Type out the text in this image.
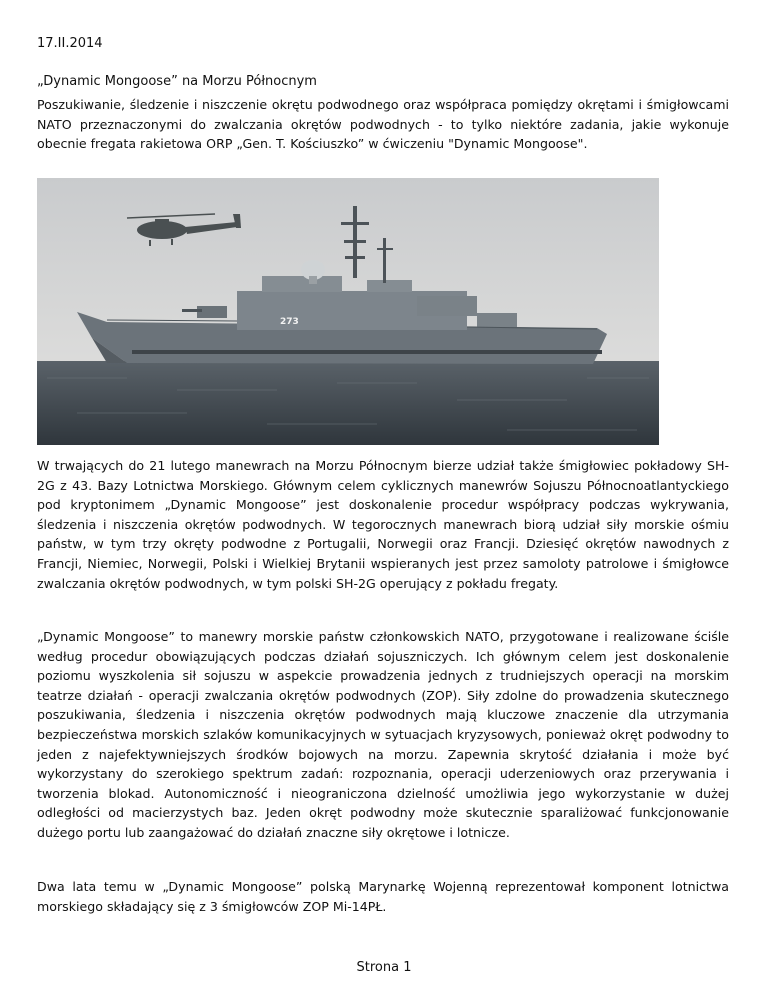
17.II.2014
„Dynamic Mongoose” na Morzu Północnym

Poszukiwanie, śledzenie i niszczenie okrętu podwodnego oraz współpraca pomiędzy okrętami i śmigłowcami NATO przeznaczonymi do zwalczania okrętów podwodnych - to tylko niektóre zadania, jakie wykonuje obecnie fregata rakietowa ORP „Gen. T. Kościuszko” w ćwiczeniu "Dynamic Mongoose".

273

W trwających do 21 lutego manewrach na Morzu Północnym bierze udział także śmigłowiec pokładowy SH-2G z 43. Bazy Lotnictwa Morskiego. Głównym celem cyklicznych manewrów Sojuszu Północnoatlantyckiego pod kryptonimem „Dynamic Mongoose” jest doskonalenie procedur współpracy podczas wykrywania, śledzenia i niszczenia okrętów podwodnych. W tegorocznych manewrach biorą udział siły morskie ośmiu państw, w tym trzy okręty podwodne z Portugalii, Norwegii oraz Francji. Dziesięć okrętów nawodnych z Francji, Niemiec, Norwegii, Polski i Wielkiej Brytanii wspieranych jest przez samoloty patrolowe i śmigłowce zwalczania okrętów podwodnych, w tym polski SH-2G operujący z pokładu fregaty.

„Dynamic Mongoose” to manewry morskie państw członkowskich NATO, przygotowane i realizowane ściśle według procedur obowiązujących podczas działań sojuszniczych. Ich głównym celem jest doskonalenie poziomu wyszkolenia sił sojuszu w aspekcie prowadzenia jednych z trudniejszych operacji na morskim teatrze działań - operacji zwalczania okrętów podwodnych (ZOP). Siły zdolne do prowadzenia skutecznego poszukiwania, śledzenia i niszczenia okrętów podwodnych mają kluczowe znaczenie dla utrzymania bezpieczeństwa morskich szlaków komunikacyjnych w sytuacjach kryzysowych, ponieważ okręt podwodny to jeden z najefektywniejszych środków bojowych na morzu. Zapewnia skrytość działania i może być wykorzystany do szerokiego spektrum zadań: rozpoznania, operacji uderzeniowych oraz przerywania i tworzenia blokad. Autonomiczność i nieograniczona dzielność umożliwia jego wykorzystanie w dużej odległości od macierzystych baz. Jeden okręt podwodny może skutecznie sparaliżować funkcjonowanie dużego portu lub zaangażować do działań znaczne siły okrętowe i lotnicze.

Dwa lata temu w „Dynamic Mongoose” polską Marynarkę Wojenną reprezentował komponent lotnictwa morskiego składający się z 3 śmigłowców ZOP Mi-14PŁ.

Strona 1
